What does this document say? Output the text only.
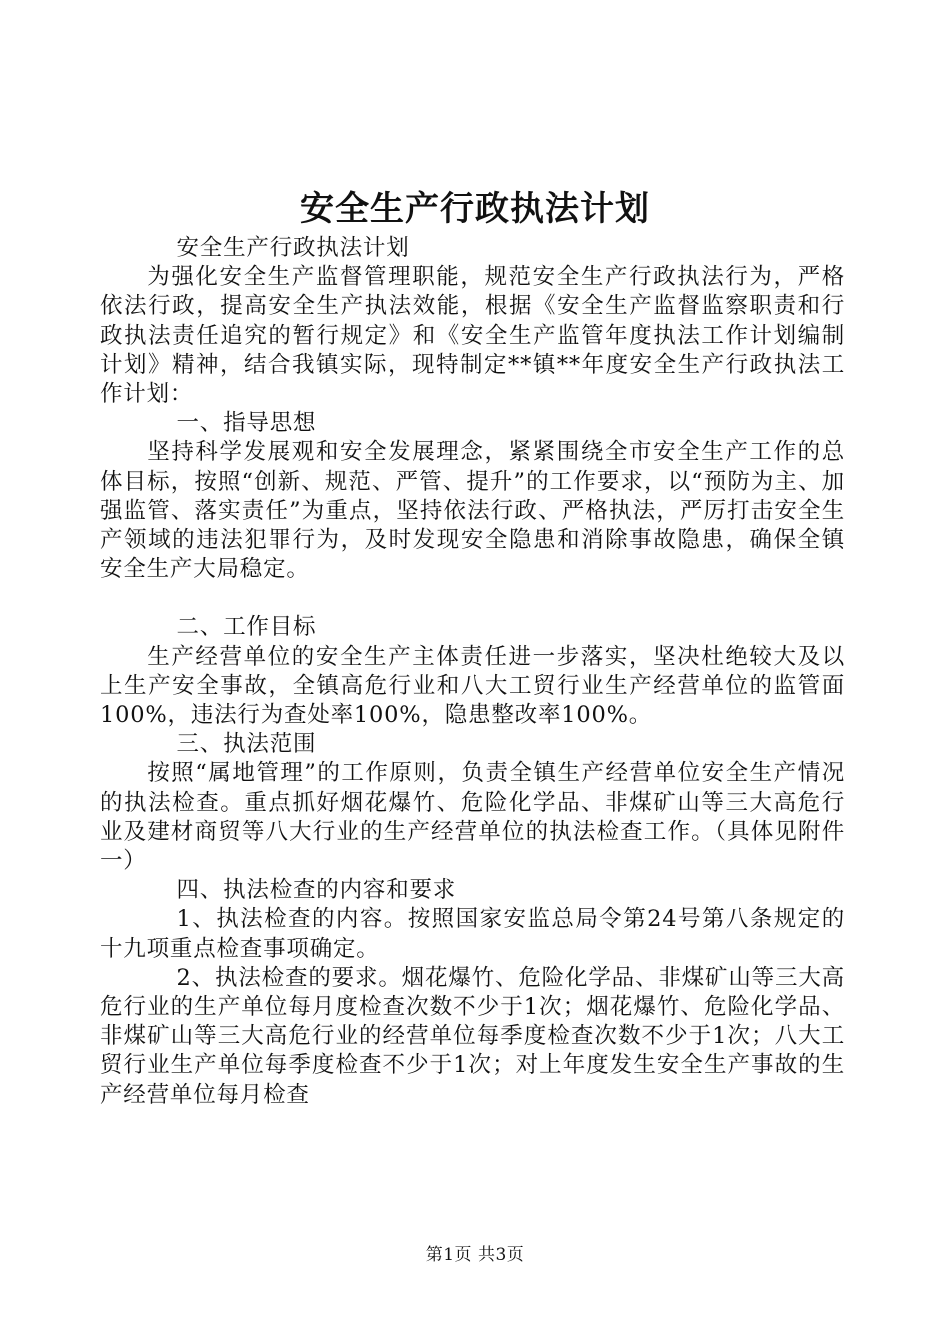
安全生产行政执法计划

安全生产行政执法计划

为强化安全生产监督管理职能，规范安全生产行政执法行为，严格依法行政，提高安全生产执法效能，根据《安全生产监督监察职责和行政执法责任追究的暂行规定》和《安全生产监管年度执法工作计划编制计划》精神，结合我镇实际，现特制定**镇**年度安全生产行政执法工作计划：

一、指导思想

坚持科学发展观和安全发展理念，紧紧围绕全市安全生产工作的总体目标，按照“创新、规范、严管、提升”的工作要求，以“预防为主、加强监管、落实责任”为重点，坚持依法行政、严格执法，严厉打击安全生产领域的违法犯罪行为，及时发现安全隐患和消除事故隐患，确保全镇安全生产大局稳定。

二、工作目标

生产经营单位的安全生产主体责任进一步落实，坚决杜绝较大及以上生产安全事故，全镇高危行业和八大工贸行业生产经营单位的监管面100%，违法行为查处率100%，隐患整改率100%。

三、执法范围

按照“属地管理”的工作原则，负责全镇生产经营单位安全生产情况的执法检查。重点抓好烟花爆竹、危险化学品、非煤矿山等三大高危行业及建材商贸等八大行业的生产经营单位的执法检查工作。（具体见附件一）

四、执法检查的内容和要求

1、执法检查的内容。按照国家安监总局令第24号第八条规定的十九项重点检查事项确定。

2、执法检查的要求。烟花爆竹、危险化学品、非煤矿山等三大高危行业的生产单位每月度检查次数不少于1次；烟花爆竹、危险化学品、非煤矿山等三大高危行业的经营单位每季度检查次数不少于1次；八大工贸行业生产单位每季度检查不少于1次；对上年度发生安全生产事故的生产经营单位每月检查

第1页 共3页
